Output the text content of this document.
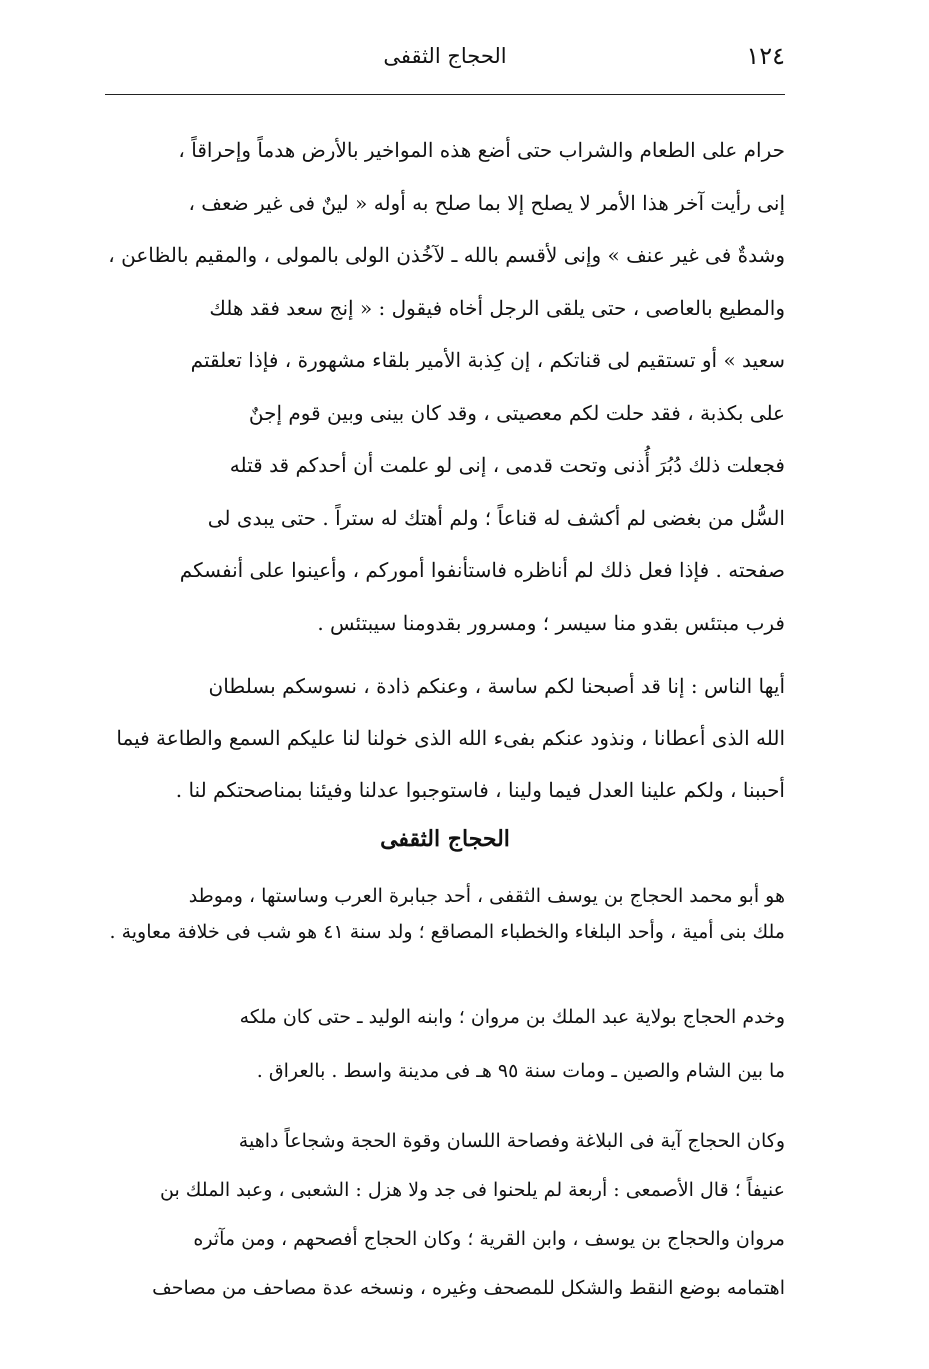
١٢٤
الحجاج الثقفى

حرام على الطعام والشراب حتى أضع هذه المواخير بالأرض هدماً وإحراقاً ،
إنى رأيت آخر هذا الأمر لا يصلح إلا بما صلح به أوله « لينٌ فى غير ضعف ،
وشدةٌ فى غير عنف » وإنى لأقسم بالله ـ لآخُذن الولى بالمولى ، والمقيم بالظاعن ،
والمطيع بالعاصى ، حتى يلقى الرجل أخاه فيقول : « إنج سعد فقد هلك
سعيد » أو تستقيم لى قناتكم ، إن كِذبة الأمير بلقاء مشهورة ، فإذا تعلقتم
على بكذبة ، فقد حلت لكم معصيتى ، وقد كان بينى وبين قوم إجنٌ
فجعلت ذلك دُبُرَ أُذنى وتحت قدمى ، إنى لو علمت أن أحدكم قد قتله
السُّل من بغضى لم أكشف له قناعاً ؛ ولم أهتك له ستراً . حتى يبدى لى
صفحته . فإذا فعل ذلك لم أناظره فاستأنفوا أموركم ، وأعينوا على أنفسكم
فرب مبتئس بقدو منا سيسر ؛ ومسرور بقدومنا سيبتئس .

أيها الناس : إنا قد أصبحنا لكم ساسة ، وعنكم ذادة ، نسوسكم بسلطان
الله الذى أعطانا ، ونذود عنكم بفىء الله الذى خولنا لنا عليكم السمع والطاعة فيما
أحببنا ، ولكم علينا العدل فيما ولينا ، فاستوجبوا عدلنا وفيئنا بمناصحتكم لنا .

الحجاج الثقفى

هو أبو محمد الحجاج بن يوسف الثقفى ، أحد جبابرة العرب وساستها ، وموطد
ملك بنى أمية ، وأحد البلغاء والخطباء المصاقع ؛ ولد سنة ٤١ هو شب فى خلافة معاوية .

وخدم الحجاج بولاية عبد الملك بن مروان ؛ وابنه الوليد ـ حتى كان ملكه
ما بين الشام والصين ـ ومات سنة ٩٥ هـ فى مدينة واسط . بالعراق .

وكان الحجاج آية فى البلاغة وفصاحة اللسان وقوة الحجة وشجاعاً داهية
عنيفاً ؛ قال الأصمعى : أربعة لم يلحنوا فى جد ولا هزل : الشعبى ، وعبد الملك بن
مروان والحجاج بن يوسف ، وابن القرية ؛ وكان الحجاج أفصحهم ، ومن مآثره
اهتمامه بوضع النقط والشكل للمصحف وغيره ، ونسخه عدة مصاحف من مصاحف
